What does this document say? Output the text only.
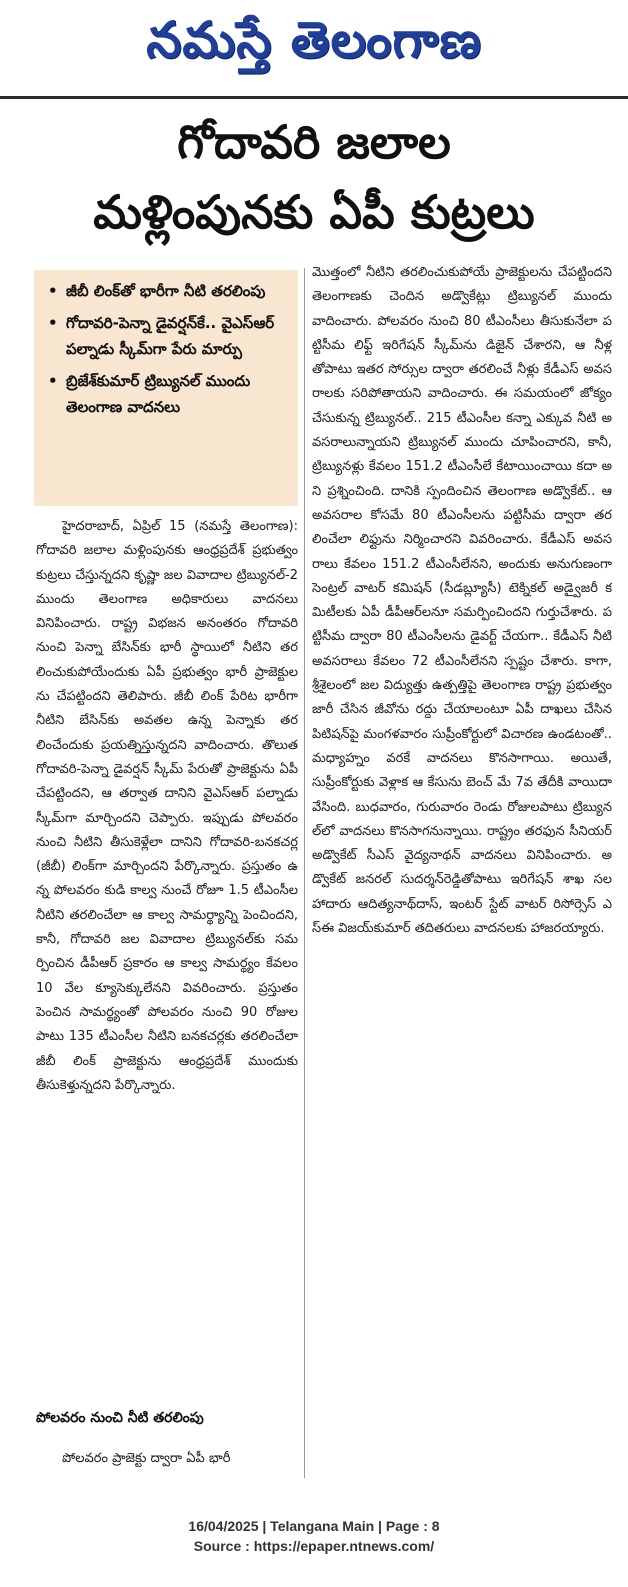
నమస్తే తెలంగాణ
గోదావరి జలాల
మళ్లింపునకు ఏపీ కుట్రలు
• జీబీ లింక్‌తో భారీగా నీటి తరలింపు
• గోదావరి-పెన్నా డైవర్షన్‌కే.. వైఎస్‌ఆర్ పల్నాడు స్కీమ్‌గా పేరు మార్పు
• బ్రిజేశ్‌కుమార్ ట్రిబ్యునల్ ముందు తెలంగాణ వాదనలు
హైదరాబాద్, ఏప్రిల్ 15 (నమస్తే తెలంగాణ): గోదావరి జలాల మళ్లింపునకు ఆంధ్రప్రదేశ్ ప్రభుత్వం కుట్రలు చేస్తున్నదని కృష్ణా జల వివాదాల ట్రిబ్యునల్-2 ముందు తెలంగాణ అధికారులు వాదనలు వినిపించారు. రాష్ట్ర విభజన అనంతరం గోదావరి నుంచి పెన్నా బేసిన్‌కు భారీ స్థాయిలో నీటిని తరలించుకుపోయేందుకు ఏపీ ప్రభుత్వం భారీ ప్రాజెక్టులను చేపట్టిందని తెలిపారు. జీబీ లింక్ పేరిట భారీగా నీటిని బేసిన్‌కు అవతల ఉన్న పెన్నాకు తరలించేందుకు ప్రయత్నిస్తున్నదని వాదించారు. తొలుత గోదావరి-పెన్నా డైవర్షన్ స్కీమ్ పేరుతో ప్రాజెక్టును ఏపీ చేపట్టిందని, ఆ తర్వాత దానిని వైఎస్‌ఆర్ పల్నాడు స్కీమ్‌గా మార్చిందని చెప్పారు. ఇప్పుడు పోలవరం నుంచి నీటిని తీసుకెళ్లేలా దానిని గోదావరి-బనకచర్ల (జీబీ) లింక్‌గా మార్చిందని పేర్కొన్నారు. ప్రస్తుతం ఉన్న పోలవరం కుడి కాల్వ నుంచే రోజూ 1.5 టీఎంసీల నీటిని తరలించేలా ఆ కాల్వ సామర్థ్యాన్ని పెంచిందని, కానీ, గోదావరి జల వివాదాల ట్రిబ్యునల్‌కు సమర్పించిన డీపీఆర్ ప్రకారం ఆ కాల్వ సామర్థ్యం కేవలం 10 వేల క్యూసెక్కులేనని వివరించారు. ప్రస్తుతం పెంచిన సామర్థ్యంతో పోలవరం నుంచి 90 రోజులపాటు 135 టీఎంసీల నీటిని బనకచర్లకు తరలించేలా జీబీ లింక్ ప్రాజెక్టును ఆంధ్రప్రదేశ్ ముందుకు తీసుకెళ్తున్నదని పేర్కొన్నారు.
పోలవరం నుంచి నీటి తరలింపు
పోలవరం ప్రాజెక్టు ద్వారా ఏపీ భారీ
మొత్తంలో నీటిని తరలించుకుపోయే ప్రాజెక్టులను చేపట్టిందని తెలంగాణకు చెందిన అడ్వొకేట్లు ట్రిబ్యునల్ ముందు వాదించారు. పోలవరం నుంచి 80 టీఎంసీలు తీసుకునేలా పట్టిసీమ లిఫ్ట్ ఇరిగేషన్ స్కీమ్‌ను డిజైన్ చేశారని, ఆ నీళ్లతోపాటు ఇతర సోర్సుల ద్వారా తరలించే నీళ్లు కేడీఎస్ అవసరాలకు సరిపోతాయని వాదించారు. ఈ సమయంలో జోక్యం చేసుకున్న ట్రిబ్యునల్.. 215 టీఎంసీల కన్నా ఎక్కువ నీటి అవసరాలున్నాయని ట్రిబ్యునల్ ముందు చూపించారని, కానీ, ట్రిబ్యునళ్లు కేవలం 151.2 టీఎంసీలే కేటాయించాయి కదా అని ప్రశ్నించింది. దానికి స్పందించిన తెలంగాణ అడ్వొకేట్.. ఆ అవసరాల కోసమే 80 టీఎంసీలను పట్టిసీమ ద్వారా తరలించేలా లిఫ్టును నిర్మించారని వివరించారు. కేడీఎస్ అవసరాలు కేవలం 151.2 టీఎంసీలేనని, అందుకు అనుగుణంగా సెంట్రల్ వాటర్ కమిషన్ (సీడబ్ల్యూసీ) టెక్నికల్ అడ్వైజరీ కమిటీలకు ఏపీ డీపీఆర్‌లనూ సమర్పించిందని గుర్తుచేశారు. పట్టిసీమ ద్వారా 80 టీఎంసీలను డైవర్ట్ చేయగా.. కేడీఎస్ నీటి అవసరాలు కేవలం 72 టీఎంసీలేనని స్పష్టం చేశారు. కాగా, శ్రీశైలంలో జల విద్యుత్తు ఉత్పత్తిపై తెలంగాణ రాష్ట్ర ప్రభుత్వం జారీ చేసిన జీవోను రద్దు చేయాలంటూ ఏపీ దాఖలు చేసిన పిటిషన్‌పై మంగళవారం సుప్రీంకోర్టులో విచారణ ఉండటంతో.. మధ్యాహ్నం వరకే వాదనలు కొనసాగాయి. అయితే, సుప్రీంకోర్టుకు వెళ్లాక ఆ కేసును బెంచ్ మే 7వ తేదీకి వాయిదా వేసింది. బుధవారం, గురువారం రెండు రోజులపాటు ట్రిబ్యునల్‌లో వాదనలు కొనసాగనున్నాయి. రాష్ట్రం తరఫున సీనియర్ అడ్వొకేట్ సీఎస్ వైద్యనాథన్ వాదనలు వినిపించారు. అడ్వొకేట్ జనరల్ సుదర్శన్‌రెడ్డితోపాటు ఇరిగేషన్ శాఖ సలహాదారు ఆదిత్యనాథ్‌దాస్, ఇంటర్ స్టేట్ వాటర్ రిసోర్సెస్ ఎస్‌ఈ విజయ్‌కుమార్ తదితరులు వాదనలకు హాజరయ్యారు.
16/04/2025 | Telangana Main | Page : 8
Source : https://epaper.ntnews.com/
